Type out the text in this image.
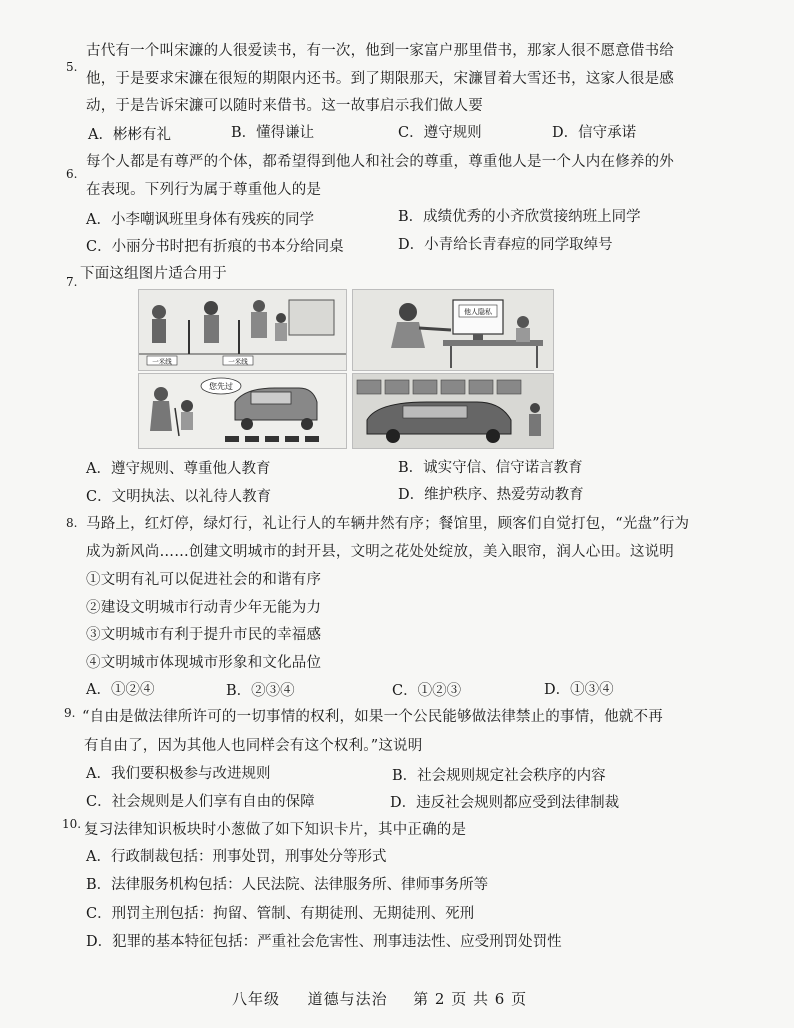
5.
古代有一个叫宋濂的人很爱读书，有一次，他到一家富户那里借书，那家人很不愿意借书给
他，于是要求宋濂在很短的期限内还书。到了期限那天，宋濂冒着大雪还书，这家人很是感
动，于是告诉宋濂可以随时来借书。这一故事启示我们做人要
A．彬彬有礼	B．懂得谦让	C．遵守规则	D．信守承诺
6.
每个人都是有尊严的个体，都希望得到他人和社会的尊重，尊重他人是一个人内在修养的外
在表现。下列行为属于尊重他人的是
A．小李嘲讽班里身体有残疾的同学	B．成绩优秀的小齐欣赏接纳班上同学
C．小丽分书时把有折痕的书本分给同桌	D．小青给长青春痘的同学取绰号
7. 下面这组图片适合用于
一米线	一米线
他人隐私
您先过
A．遵守规则、尊重他人教育	B．诚实守信、信守诺言教育
C．文明执法、以礼待人教育	D．维护秩序、热爱劳动教育
8. 马路上，红灯停，绿灯行，礼让行人的车辆井然有序；餐馆里，顾客们自觉打包，“光盘”行为
成为新风尚……创建文明城市的封开县，文明之花处处绽放，美入眼帘，润人心田。这说明
①文明有礼可以促进社会的和谐有序
②建设文明城市行动青少年无能为力
③文明城市有利于提升市民的幸福感
④文明城市体现城市形象和文化品位
A．①②④	B．②③④	C．①②③	D．①③④
9. “自由是做法律所许可的一切事情的权利，如果一个公民能够做法律禁止的事情，他就不再
有自由了，因为其他人也同样会有这个权利。”这说明
A．我们要积极参与改进规则	B．社会规则规定社会秩序的内容
C．社会规则是人们享有自由的保障	D．违反社会规则都应受到法律制裁
10. 复习法律知识板块时小葱做了如下知识卡片，其中正确的是
A．行政制裁包括：刑事处罚，刑事处分等形式
B．法律服务机构包括：人民法院、法律服务所、律师事务所等
C．刑罚主刑包括：拘留、管制、有期徒刑、无期徒刑、死刑
D．犯罪的基本特征包括：严重社会危害性、刑事违法性、应受刑罚处罚性
八年级 道德与法治 第 2 页 共 6 页
